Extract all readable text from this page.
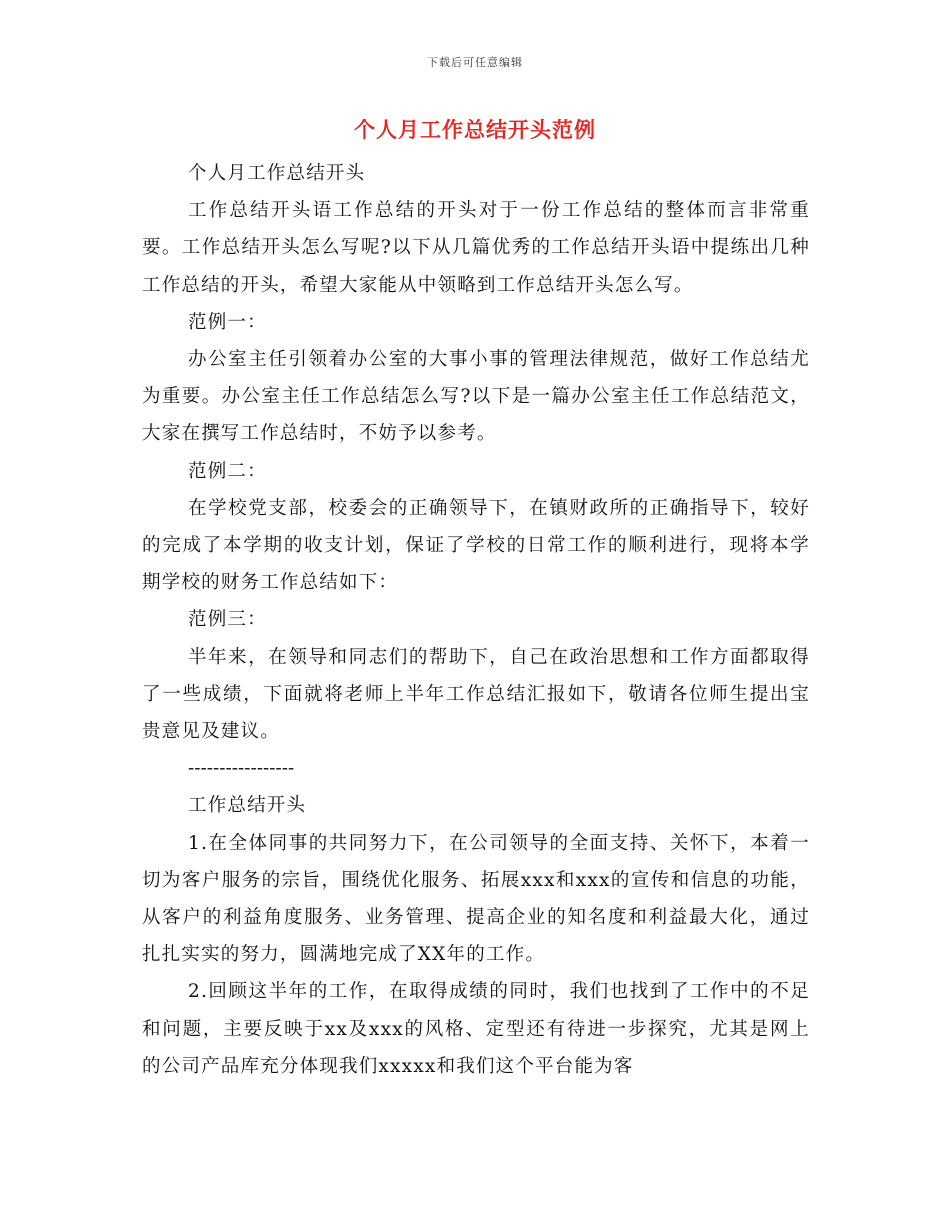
下载后可任意编辑
个人月工作总结开头范例

个人月工作总结开头

工作总结开头语工作总结的开头对于一份工作总结的整体而言非常重要。工作总结开头怎么写呢?以下从几篇优秀的工作总结开头语中提练出几种工作总结的开头，希望大家能从中领略到工作总结开头怎么写。

范例一：

办公室主任引领着办公室的大事小事的管理法律规范，做好工作总结尤为重要。办公室主任工作总结怎么写?以下是一篇办公室主任工作总结范文，大家在撰写工作总结时，不妨予以参考。

范例二：

在学校党支部，校委会的正确领导下，在镇财政所的正确指导下，较好的完成了本学期的收支计划，保证了学校的日常工作的顺利进行，现将本学期学校的财务工作总结如下：

范例三：

半年来，在领导和同志们的帮助下，自己在政治思想和工作方面都取得了一些成绩，下面就将老师上半年工作总结汇报如下，敬请各位师生提出宝贵意见及建议。

-----------------

工作总结开头

1.在全体同事的共同努力下，在公司领导的全面支持、关怀下，本着一切为客户服务的宗旨，围绕优化服务、拓展xxx和xxx的宣传和信息的功能，从客户的利益角度服务、业务管理、提高企业的知名度和利益最大化，通过扎扎实实的努力，圆满地完成了XX年的工作。

2.回顾这半年的工作，在取得成绩的同时，我们也找到了工作中的不足和问题，主要反映于xx及xxx的风格、定型还有待进一步探究，尤其是网上的公司产品库充分体现我们xxxxx和我们这个平台能为客
